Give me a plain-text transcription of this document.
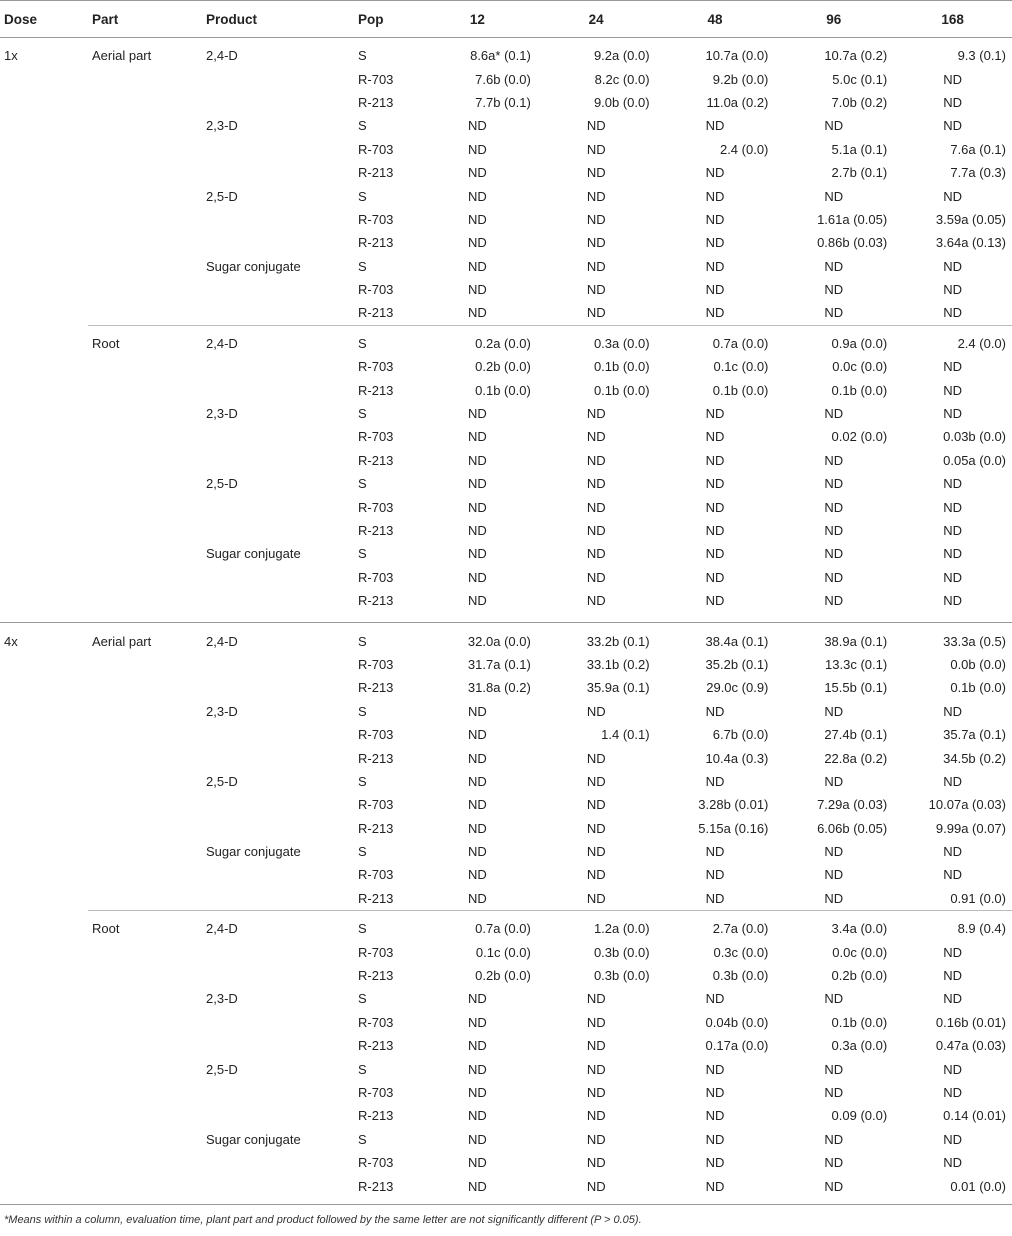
Dose	Part	Product	Pop	12	24	48	96	168
1x	Aerial part	2,4-D	S	8.6a* (0.1)	9.2a (0.0)	10.7a (0.0)	10.7a (0.2)	9.3 (0.1)
			R-703	7.6b (0.0)	8.2c (0.0)	9.2b (0.0)	5.0c (0.1)	ND
			R-213	7.7b (0.1)	9.0b (0.0)	11.0a (0.2)	7.0b (0.2)	ND
		2,3-D	S	ND	ND	ND	ND	ND
			R-703	ND	ND	2.4 (0.0)	5.1a (0.1)	7.6a (0.1)
			R-213	ND	ND	ND	2.7b (0.1)	7.7a (0.3)
		2,5-D	S	ND	ND	ND	ND	ND
			R-703	ND	ND	ND	1.61a (0.05)	3.59a (0.05)
			R-213	ND	ND	ND	0.86b (0.03)	3.64a (0.13)
		Sugar conjugate	S	ND	ND	ND	ND	ND
			R-703	ND	ND	ND	ND	ND
			R-213	ND	ND	ND	ND	ND
	Root	2,4-D	S	0.2a (0.0)	0.3a (0.0)	0.7a (0.0)	0.9a (0.0)	2.4 (0.0)
			R-703	0.2b (0.0)	0.1b (0.0)	0.1c (0.0)	0.0c (0.0)	ND
			R-213	0.1b (0.0)	0.1b (0.0)	0.1b (0.0)	0.1b (0.0)	ND
		2,3-D	S	ND	ND	ND	ND	ND
			R-703	ND	ND	ND	0.02 (0.0)	0.03b (0.0)
			R-213	ND	ND	ND	ND	0.05a (0.0)
		2,5-D	S	ND	ND	ND	ND	ND
			R-703	ND	ND	ND	ND	ND
			R-213	ND	ND	ND	ND	ND
		Sugar conjugate	S	ND	ND	ND	ND	ND
			R-703	ND	ND	ND	ND	ND
			R-213	ND	ND	ND	ND	ND

4x	Aerial part	2,4-D	S	32.0a (0.0)	33.2b (0.1)	38.4a (0.1)	38.9a (0.1)	33.3a (0.5)
			R-703	31.7a (0.1)	33.1b (0.2)	35.2b (0.1)	13.3c (0.1)	0.0b (0.0)
			R-213	31.8a (0.2)	35.9a (0.1)	29.0c (0.9)	15.5b (0.1)	0.1b (0.0)
		2,3-D	S	ND	ND	ND	ND	ND
			R-703	ND	1.4 (0.1)	6.7b (0.0)	27.4b (0.1)	35.7a (0.1)
			R-213	ND	ND	10.4a (0.3)	22.8a (0.2)	34.5b (0.2)
		2,5-D	S	ND	ND	ND	ND	ND
			R-703	ND	ND	3.28b (0.01)	7.29a (0.03)	10.07a (0.03)
			R-213	ND	ND	5.15a (0.16)	6.06b (0.05)	9.99a (0.07)
		Sugar conjugate	S	ND	ND	ND	ND	ND
			R-703	ND	ND	ND	ND	ND
			R-213	ND	ND	ND	ND	0.91 (0.0)
	Root	2,4-D	S	0.7a (0.0)	1.2a (0.0)	2.7a (0.0)	3.4a (0.0)	8.9 (0.4)
			R-703	0.1c (0.0)	0.3b (0.0)	0.3c (0.0)	0.0c (0.0)	ND
			R-213	0.2b (0.0)	0.3b (0.0)	0.3b (0.0)	0.2b (0.0)	ND
		2,3-D	S	ND	ND	ND	ND	ND
			R-703	ND	ND	0.04b (0.0)	0.1b (0.0)	0.16b (0.01)
			R-213	ND	ND	0.17a (0.0)	0.3a (0.0)	0.47a (0.03)
		2,5-D	S	ND	ND	ND	ND	ND
			R-703	ND	ND	ND	ND	ND
			R-213	ND	ND	ND	0.09 (0.0)	0.14 (0.01)
		Sugar conjugate	S	ND	ND	ND	ND	ND
			R-703	ND	ND	ND	ND	ND
			R-213	ND	ND	ND	ND	0.01 (0.0)
*Means within a column, evaluation time, plant part and product followed by the same letter are not significantly different (P > 0.05).
